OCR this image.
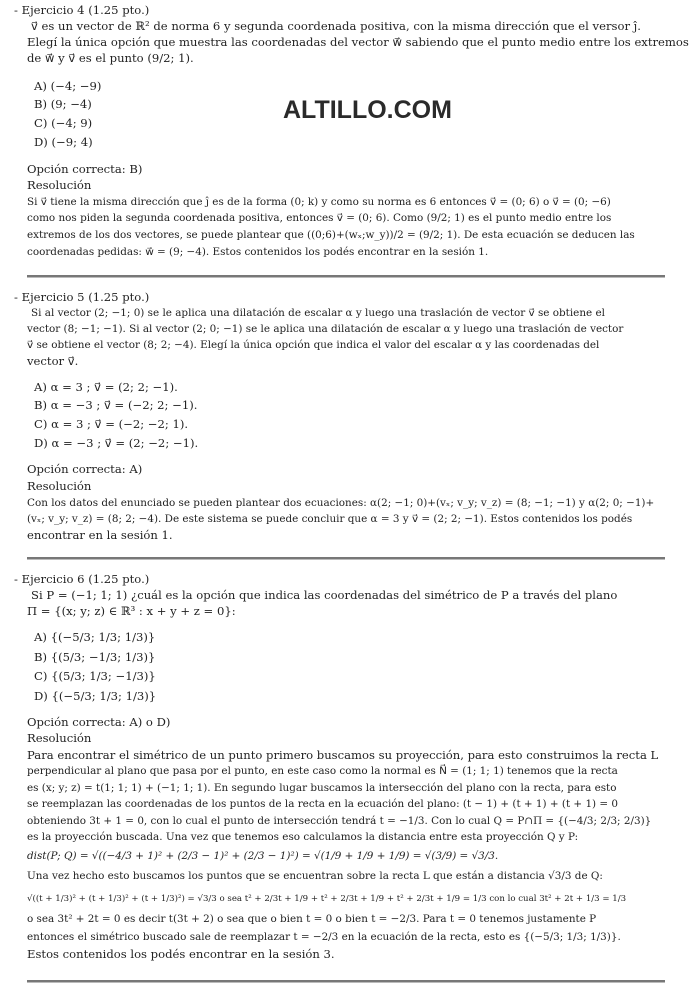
ALTILLO.COM
- Ejercicio 4 (1.25 pto.)
v⃗ es un vector de ℝ² de norma 6 y segunda coordenada positiva, con la misma dirección que el versor ĵ.
Elegí la única opción que muestra las coordenadas del vector w⃗ sabiendo que el punto medio entre los extremos
de w⃗ y v⃗ es el punto (9/2; 1).
A) (−4; −9)
B) (9; −4)
C) (−4; 9)
D) (−9; 4)
Opción correcta: B)
Resolución
Si v⃗ tiene la misma dirección que ĵ es de la forma (0; k) y como su norma es 6 entonces v⃗ = (0; 6) o v⃗ = (0; −6)
como nos piden la segunda coordenada positiva, entonces v⃗ = (0; 6). Como (9/2; 1) es el punto medio entre los
extremos de los dos vectores, se puede plantear que ((0;6)+(wₓ;w_y))/2 = (9/2; 1). De esta ecuación se deducen las
coordenadas pedidas: w⃗ = (9; −4). Estos contenidos los podés encontrar en la sesión 1.
- Ejercicio 5 (1.25 pto.)
Si al vector (2; −1; 0) se le aplica una dilatación de escalar α y luego una traslación de vector v⃗ se obtiene el
vector (8; −1; −1). Si al vector (2; 0; −1) se le aplica una dilatación de escalar α y luego una traslación de vector
v⃗ se obtiene el vector (8; 2; −4). Elegí la única opción que indica el valor del escalar α y las coordenadas del
vector v⃗.
A) α = 3 ; v⃗ = (2; 2; −1).
B) α = −3 ; v⃗ = (−2; 2; −1).
C) α = 3 ; v⃗ = (−2; −2; 1).
D) α = −3 ; v⃗ = (2; −2; −1).
Opción correcta: A)
Resolución
Con los datos del enunciado se pueden plantear dos ecuaciones: α(2; −1; 0)+(vₓ; v_y; v_z) = (8; −1; −1) y α(2; 0; −1)+
(vₓ; v_y; v_z) = (8; 2; −4). De este sistema se puede concluir que α = 3 y v⃗ = (2; 2; −1). Estos contenidos los podés
encontrar en la sesión 1.
- Ejercicio 6 (1.25 pto.)
Si P = (−1; 1; 1) ¿cuál es la opción que indica las coordenadas del simétrico de P a través del plano
Π = {(x; y; z) ∈ ℝ³ : x + y + z = 0}:
A) {(−5/3; 1/3; 1/3)}
B) {(5/3; −1/3; 1/3)}
C) {(5/3; 1/3; −1/3)}
D) {(−5/3; 1/3; 1/3)}
Opción correcta: A) o D)
Resolución
Para encontrar el simétrico de un punto primero buscamos su proyección, para esto construimos la recta L
perpendicular al plano que pasa por el punto, en este caso como la normal es N⃗ = (1; 1; 1) tenemos que la recta
es (x; y; z) = t(1; 1; 1) + (−1; 1; 1). En segundo lugar buscamos la intersección del plano con la recta, para esto
se reemplazan las coordenadas de los puntos de la recta en la ecuación del plano: (t − 1) + (t + 1) + (t + 1) = 0
obteniendo 3t + 1 = 0, con lo cual el punto de intersección tendrá t = −1/3. Con lo cual Q = P∩Π = {(−4/3; 2/3; 2/3)}
es la proyección buscada. Una vez que tenemos eso calculamos la distancia entre esta proyección Q y P:
dist(P; Q) = √((−4/3 + 1)² + (2/3 − 1)² + (2/3 − 1)²) = √(1/9 + 1/9 + 1/9) = √(3/9) = √3/3.
Una vez hecho esto buscamos los puntos que se encuentran sobre la recta L que están a distancia √3/3 de Q:
√((t + 1/3)² + (t + 1/3)² + (t + 1/3)²) = √3/3 o sea t² + 2/3t + 1/9 + t² + 2/3t + 1/9 + t² + 2/3t + 1/9 = 1/3 con lo cual 3t² + 2t + 1/3 = 1/3
o sea 3t² + 2t = 0 es decir t(3t + 2) o sea que o bien t = 0 o bien t = −2/3. Para t = 0 tenemos justamente P
entonces el simétrico buscado sale de reemplazar t = −2/3 en la ecuación de la recta, esto es {(−5/3; 1/3; 1/3)}.
Estos contenidos los podés encontrar en la sesión 3.
